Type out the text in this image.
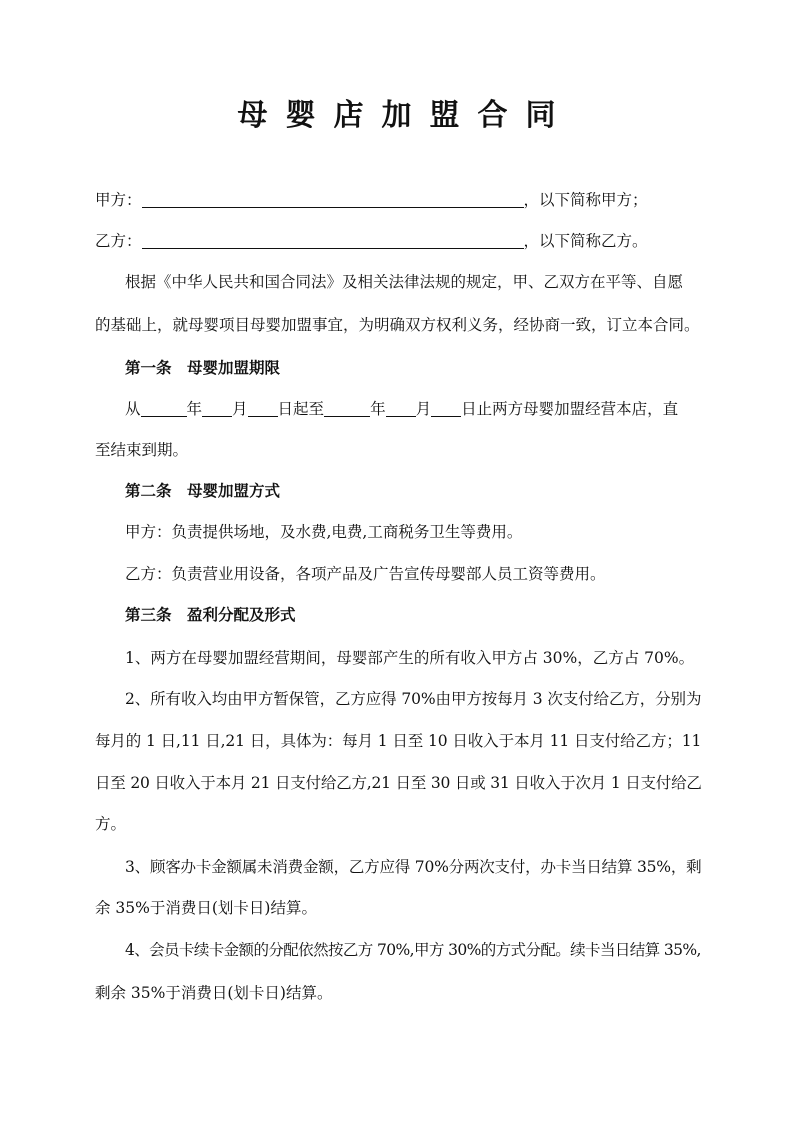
母婴店加盟合同
甲方：	，以下简称甲方；
乙方：	，以下简称乙方。
根据《中华人民共和国合同法》及相关法律法规的规定，甲、乙双方在平等、自愿
的基础上，就母婴项目母婴加盟事宜，为明确双方权利义务，经协商一致，订立本合同。
第一条　母婴加盟期限
从	年 月 日起至	年 月 日止两方母婴加盟经营本店，直
至结束到期。
第二条　母婴加盟方式
甲方：负责提供场地，及水费,电费,工商税务卫生等费用。
乙方：负责营业用设备，各项产品及广告宣传母婴部人员工资等费用。
第三条　盈利分配及形式
1、两方在母婴加盟经营期间，母婴部产生的所有收入甲方占 30%，乙方占 70%。
2、所有收入均由甲方暂保管，乙方应得 70%由甲方按每月 3 次支付给乙方，分别为
每月的 1 日,11 日,21 日，具体为：每月 1 日至 10 日收入于本月 11 日支付给乙方；11
日至 20 日收入于本月 21 日支付给乙方,21 日至 30 日或 31 日收入于次月 1 日支付给乙
方。
3、顾客办卡金额属未消费金额，乙方应得 70%分两次支付，办卡当日结算 35%，剩
余 35%于消费日(划卡日)结算。
4、会员卡续卡金额的分配依然按乙方 70%,甲方 30%的方式分配。续卡当日结算 35%,
剩余 35%于消费日(划卡日)结算。
